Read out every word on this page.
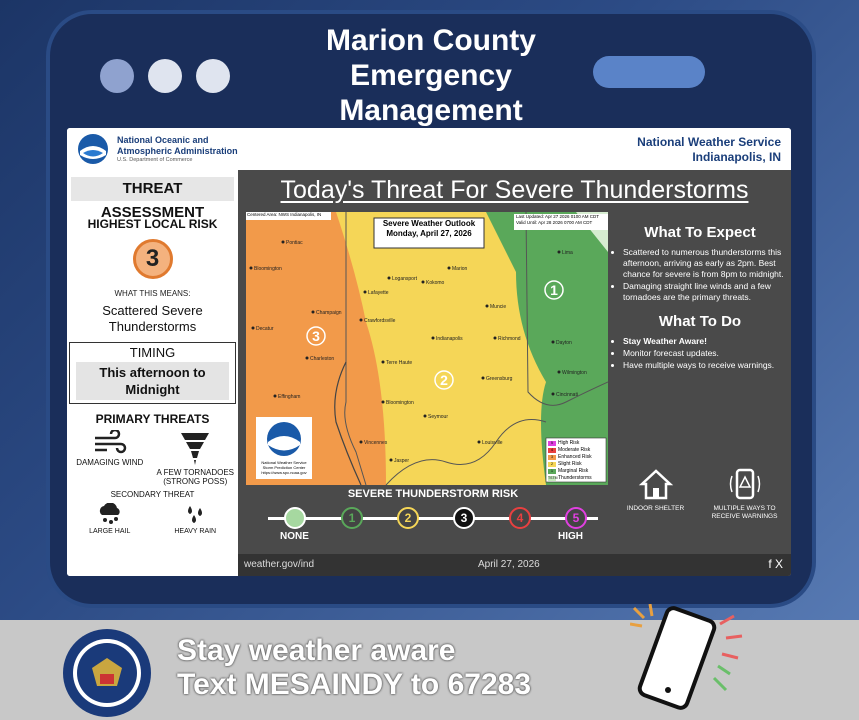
Marion County
Emergency
Management
National Oceanic and Atmospheric Administration
U.S. Department of Commerce
National Weather Service
Indianapolis, IN
THREAT ASSESSMENT
HIGHEST LOCAL RISK
3
WHAT THIS MEANS:
Scattered Severe Thunderstorms
TIMING
This afternoon to Midnight
PRIMARY THREATS
DAMAGING WIND
A FEW TORNADOES (STRONG POSS)
SECONDARY THREAT
LARGE HAIL	HEAVY RAIN
Today's Threat For Severe Thunderstorms
Pontiac
Bloomington
Champaign
Decatur
Charleston
Effingham
Logansport
Marion
Kokomo
Lafayette
Crawfordsville
Muncie
Indianapolis	Richmond
Terre Haute
Greensburg
Bloomington
Seymour
Vincennes
Jasper
Louisville
Lima
Dayton
Wilmington
Cincinnati
3
2
1
Severe Weather Outlook
Monday, April 27, 2026
Centered Area: NWS Indianapolis, IN	Last Updated: Apr 27 2026 0100 AM CDT
Valid Until: Apr 28 2026 0700 AM CDT
National Weather Service Storm Prediction Center
https://www.spc.noaa.gov
5	High Risk
4	Moderate Risk
3	Enhanced Risk
2	Slight Risk
1	Marginal Risk
TSTM Thunderstorms
What To Expect
• Scattered to numerous thunderstorms this afternoon, arriving as early as 2pm. Best chance for severe is from 8pm to midnight.
• Damaging straight line winds and a few tornadoes are the primary threats.
What To Do
• Stay Weather Aware!
• Monitor forecast updates.
• Have multiple ways to receive warnings.
INDOOR SHELTER	MULTIPLE WAYS TO RECEIVE WARNINGS
SEVERE THUNDERSTORM RISK
1	2	3	4	5
NONE	HIGH
weather.gov/ind	April 27, 2026	f X
Stay weather aware
Text MESAINDY to 67283
